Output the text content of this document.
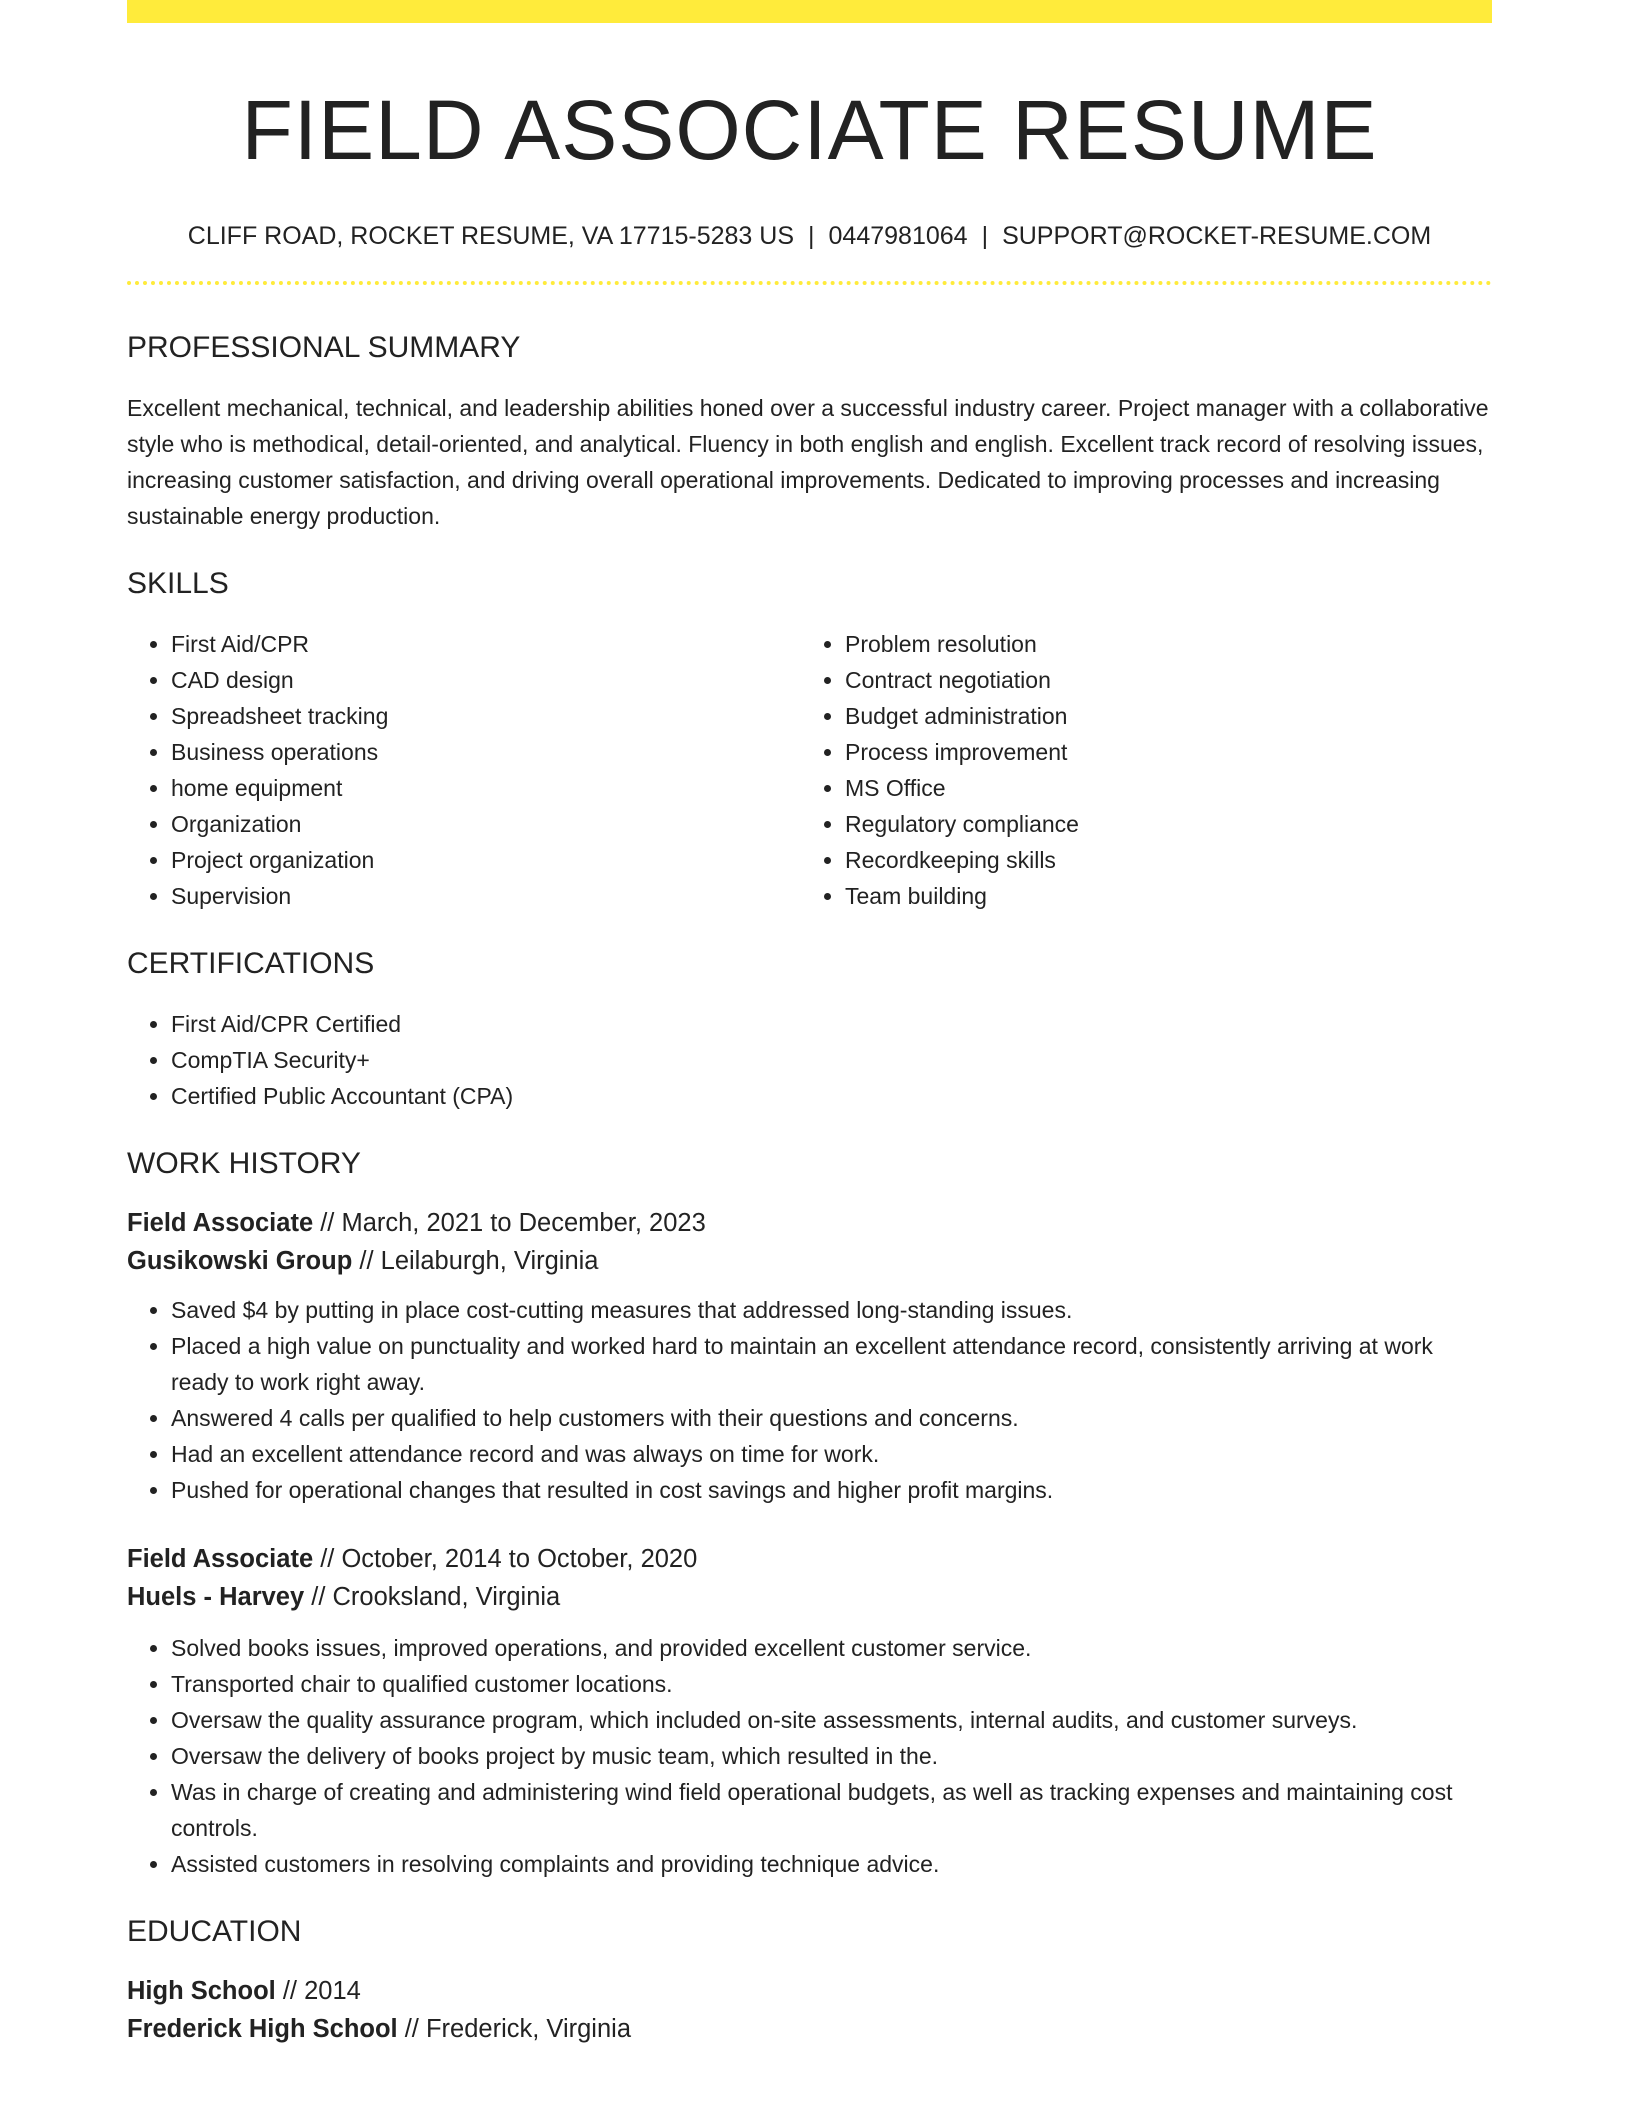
FIELD ASSOCIATE RESUME
CLIFF ROAD, ROCKET RESUME, VA 17715-5283 US | 0447981064 | SUPPORT@ROCKET-RESUME.COM
PROFESSIONAL SUMMARY

Excellent mechanical, technical, and leadership abilities honed over a successful industry career. Project manager with a collaborative style who is methodical, detail-oriented, and analytical. Fluency in both english and english. Excellent track record of resolving issues, increasing customer satisfaction, and driving overall operational improvements. Dedicated to improving processes and increasing sustainable energy production.

SKILLS
• First Aid/CPR
• CAD design
• Spreadsheet tracking
• Business operations
• home equipment
• Organization
• Project organization
• Supervision
• Problem resolution
• Contract negotiation
• Budget administration
• Process improvement
• MS Office
• Regulatory compliance
• Recordkeeping skills
• Team building
CERTIFICATIONS
• First Aid/CPR Certified
• CompTIA Security+
• Certified Public Accountant (CPA)
WORK HISTORY
Field Associate // March, 2021 to December, 2023
Gusikowski Group // Leilaburgh, Virginia
• Saved $4 by putting in place cost-cutting measures that addressed long-standing issues.
• Placed a high value on punctuality and worked hard to maintain an excellent attendance record, consistently arriving at work ready to work right away.
• Answered 4 calls per qualified to help customers with their questions and concerns.
• Had an excellent attendance record and was always on time for work.
• Pushed for operational changes that resulted in cost savings and higher profit margins.
Field Associate // October, 2014 to October, 2020
Huels - Harvey // Crooksland, Virginia
• Solved books issues, improved operations, and provided excellent customer service.
• Transported chair to qualified customer locations.
• Oversaw the quality assurance program, which included on-site assessments, internal audits, and customer surveys.
• Oversaw the delivery of books project by music team, which resulted in the.
• Was in charge of creating and administering wind field operational budgets, as well as tracking expenses and maintaining cost controls.
• Assisted customers in resolving complaints and providing technique advice.
EDUCATION
High School // 2014
Frederick High School // Frederick, Virginia
